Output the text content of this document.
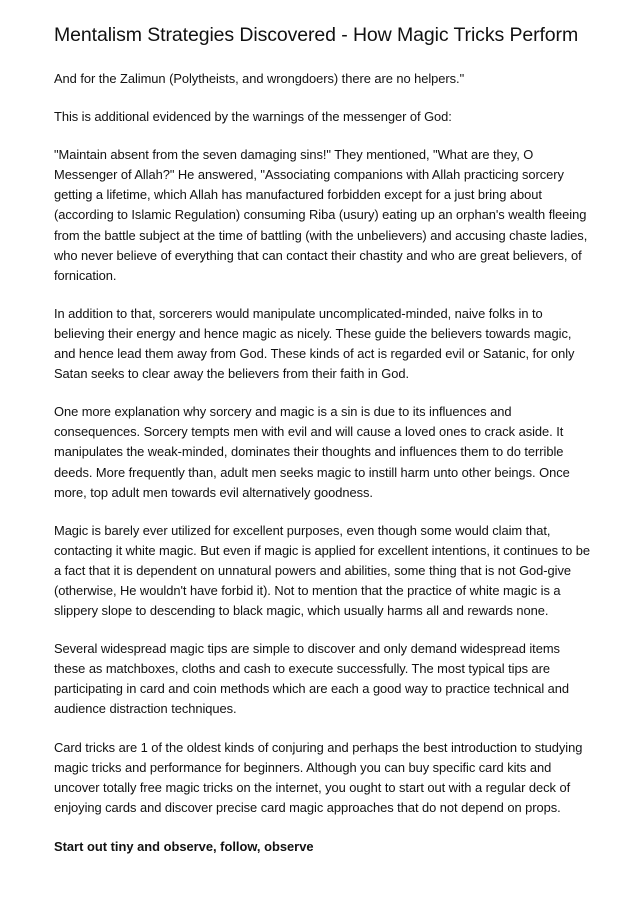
Mentalism Strategies Discovered - How Magic Tricks Perform

And for the Zalimun (Polytheists, and wrongdoers) there are no helpers."

This is additional evidenced by the warnings of the messenger of God:

"Maintain absent from the seven damaging sins!" They mentioned, "What are they, O Messenger of Allah?" He answered, "Associating companions with Allah practicing sorcery getting a lifetime, which Allah has manufactured forbidden except for a just bring about (according to Islamic Regulation) consuming Riba (usury) eating up an orphan's wealth fleeing from the battle subject at the time of battling (with the unbelievers) and accusing chaste ladies, who never believe of everything that can contact their chastity and who are great believers, of fornication.

In addition to that, sorcerers would manipulate uncomplicated-minded, naive folks in to believing their energy and hence magic as nicely. These guide the believers towards magic, and hence lead them away from God. These kinds of act is regarded evil or Satanic, for only Satan seeks to clear away the believers from their faith in God.

One more explanation why sorcery and magic is a sin is due to its influences and consequences. Sorcery tempts men with evil and will cause a loved ones to crack aside. It manipulates the weak-minded, dominates their thoughts and influences them to do terrible deeds. More frequently than, adult men seeks magic to instill harm unto other beings. Once more, top adult men towards evil alternatively goodness.

Magic is barely ever utilized for excellent purposes, even though some would claim that, contacting it white magic. But even if magic is applied for excellent intentions, it continues to be a fact that it is dependent on unnatural powers and abilities, some thing that is not God-give (otherwise, He wouldn't have forbid it). Not to mention that the practice of white magic is a slippery slope to descending to black magic, which usually harms all and rewards none.

Several widespread magic tips are simple to discover and only demand widespread items these as matchboxes, cloths and cash to execute successfully. The most typical tips are participating in card and coin methods which are each a good way to practice technical and audience distraction techniques.

Card tricks are 1 of the oldest kinds of conjuring and perhaps the best introduction to studying magic tricks and performance for beginners. Although you can buy specific card kits and uncover totally free magic tricks on the internet, you ought to start out with a regular deck of enjoying cards and discover precise card magic approaches that do not depend on props.

Start out tiny and observe, follow, observe
